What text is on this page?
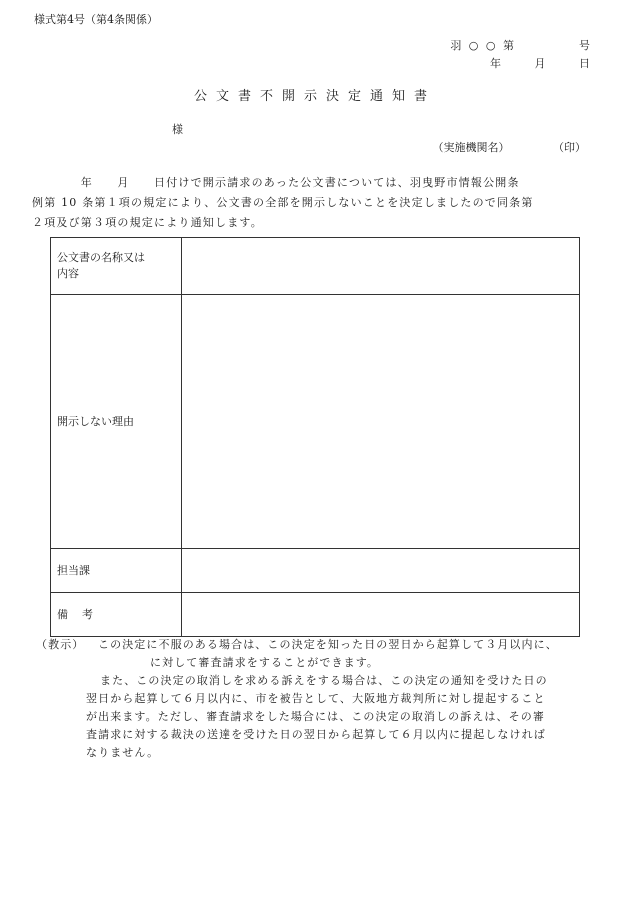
様式第4号（第4条関係）
羽 ○ ○ 第 　　　　 号
年　　 月　　 日
公文書不開示決定通知書
様
（実施機関名）	（印）
　　　　年　　月　　日付けで開示請求のあった公文書については、羽曳野市情報公開条
例第 10 条第１項の規定により、公文書の全部を開示しないことを決定しましたので同条第
２項及び第３項の規定により通知します。
公文書の名称又は
内容	
開示しない理由	
担当課	
備考	
（教示）	この決定に不服のある場合は、この決定を知った日の翌日から起算して３月以内に、
に対して審査請求をすることができます。
また、この決定の取消しを求める訴えをする場合は、この決定の通知を受けた日の
翌日から起算して６月以内に、市を被告として、大阪地方裁判所に対し提起すること
が出来ます。ただし、審査請求をした場合には、この決定の取消しの訴えは、その審
査請求に対する裁決の送達を受けた日の翌日から起算して６月以内に提起しなければ
なりません。
